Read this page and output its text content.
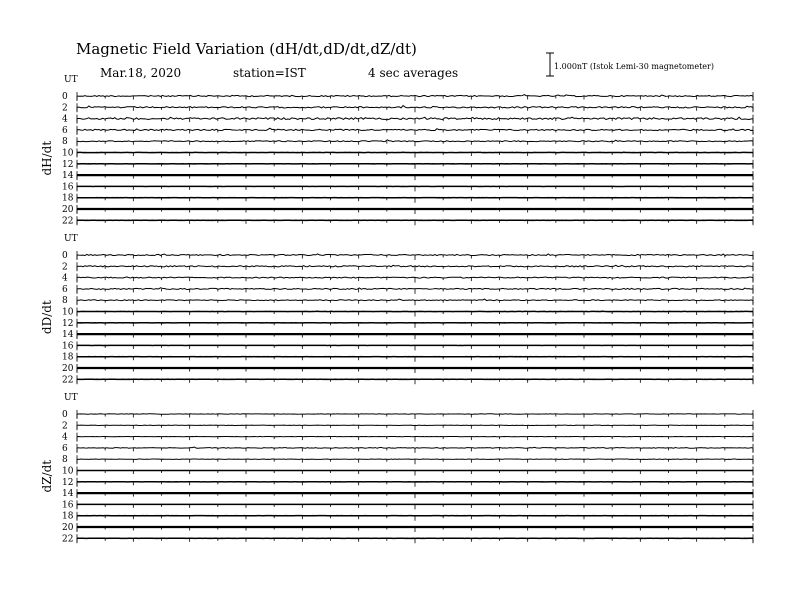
Magnetic Field Variation (dH/dt,dD/dt,dZ/dt)
Mar.18, 2020	station=IST	4 sec averages	1.000nT (Istok Lemi-30 magnetometer)
UT
dH/dt
0
2
4
6
8
10
12
14
16
18
20
22
UT
dD/dt
0
2
4
6
8
10
12
14
16
18
20
22
UT
dZ/dt
0
2
4
6
8
10
12
14
16
18
20
22
